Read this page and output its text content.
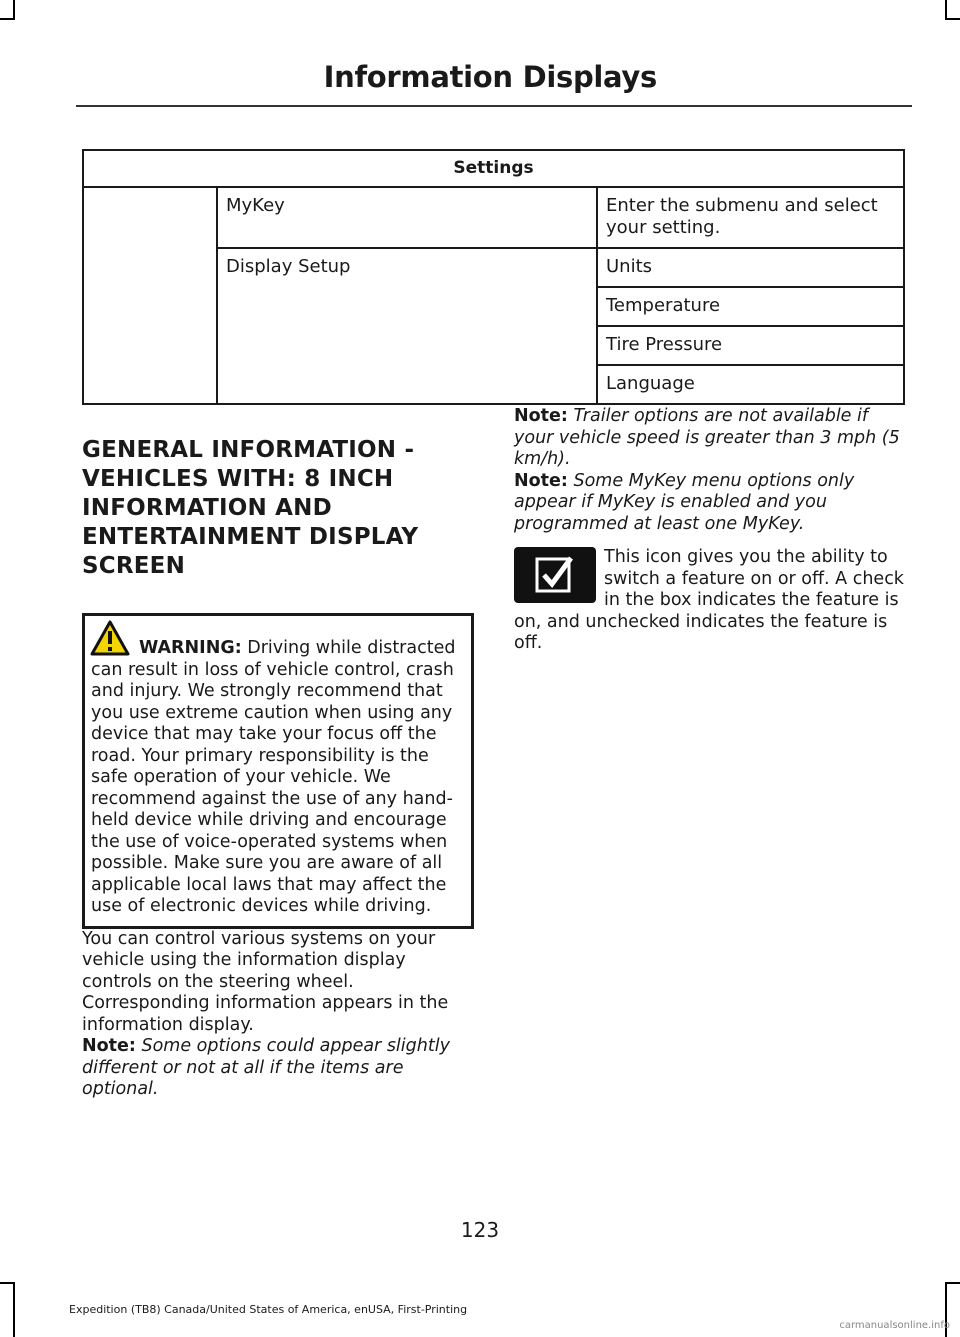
Information Displays
Settings		
	MyKey	Enter the submenu and select your setting.
	Display Setup	Units
		Temperature
		Tire Pressure
		Language
GENERAL INFORMATION -
VEHICLES WITH: 8 INCH
INFORMATION AND
ENTERTAINMENT DISPLAY
SCREEN
WARNING: Driving while distracted can result in loss of vehicle control, crash and injury. We strongly recommend that you use extreme caution when using any device that may take your focus off the road. Your primary responsibility is the safe operation of your vehicle. We recommend against the use of any hand-held device while driving and encourage the use of voice-operated systems when possible. Make sure you are aware of all applicable local laws that may affect the use of electronic devices while driving.

You can control various systems on your vehicle using the information display controls on the steering wheel. Corresponding information appears in the information display.

Note: Some options could appear slightly different or not at all if the items are optional.

Note: Trailer options are not available if your vehicle speed is greater than 3 mph (5 km/h).

Note: Some MyKey menu options only appear if MyKey is enabled and you programmed at least one MyKey.

This icon gives you the ability to switch a feature on or off. A check in the box indicates the feature is on, and unchecked indicates the feature is off.

123
Expedition (TB8) Canada/United States of America, enUSA, First-Printing
carmanualsonline.info
